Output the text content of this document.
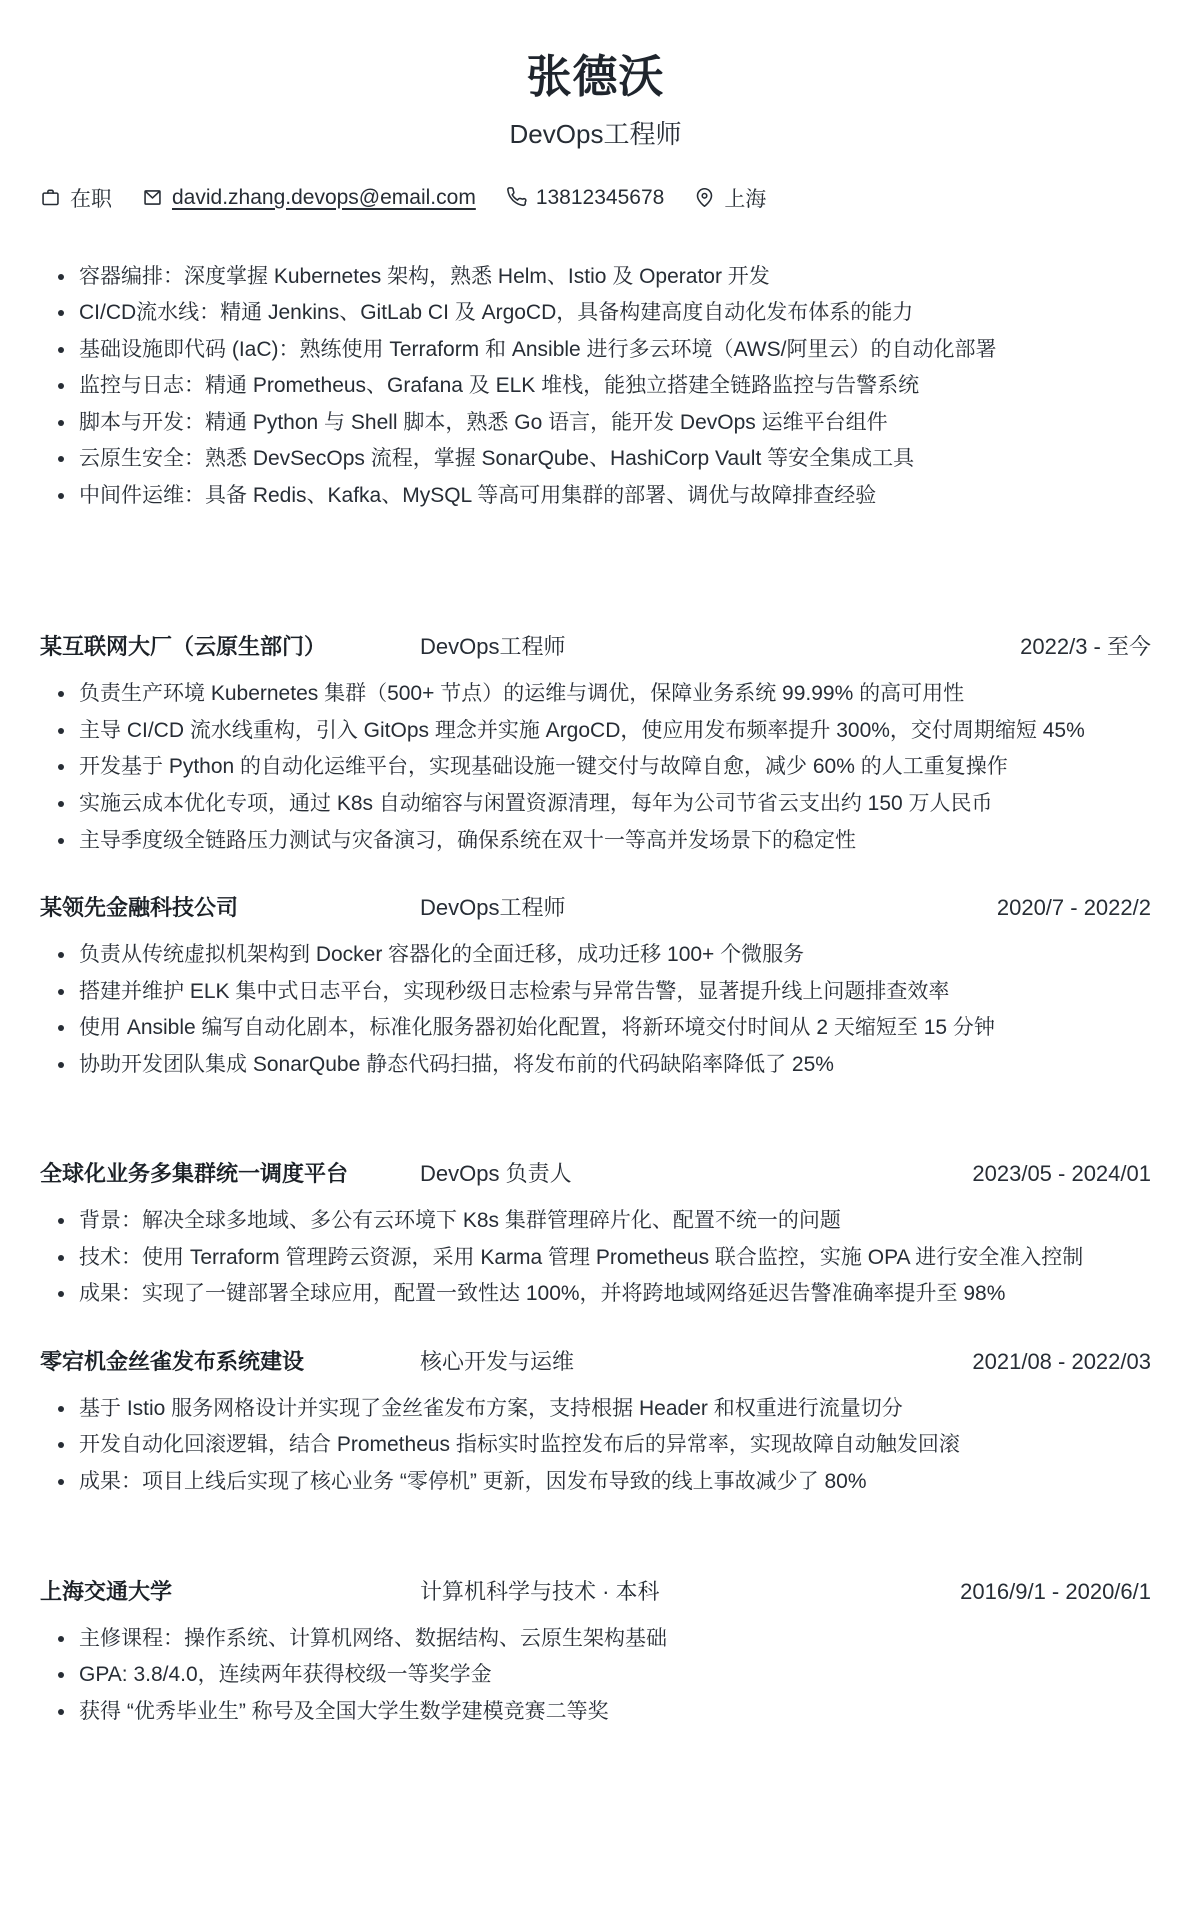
张德沃
DevOps工程师
在职	david.zhang.devops@email.com	13812345678	上海
• 容器编排：深度掌握 Kubernetes 架构，熟悉 Helm、Istio 及 Operator 开发
• CI/CD流水线：精通 Jenkins、GitLab CI 及 ArgoCD，具备构建高度自动化发布体系的能力
• 基础设施即代码 (IaC)：熟练使用 Terraform 和 Ansible 进行多云环境（AWS/阿里云）的自动化部署
• 监控与日志：精通 Prometheus、Grafana 及 ELK 堆栈，能独立搭建全链路监控与告警系统
• 脚本与开发：精通 Python 与 Shell 脚本，熟悉 Go 语言，能开发 DevOps 运维平台组件
• 云原生安全：熟悉 DevSecOps 流程，掌握 SonarQube、HashiCorp Vault 等安全集成工具
• 中间件运维：具备 Redis、Kafka、MySQL 等高可用集群的部署、调优与故障排查经验
某互联网大厂（云原生部门）	DevOps工程师	2022/3 - 至今
• 负责生产环境 Kubernetes 集群（500+ 节点）的运维与调优，保障业务系统 99.99% 的高可用性
• 主导 CI/CD 流水线重构，引入 GitOps 理念并实施 ArgoCD，使应用发布频率提升 300%，交付周期缩短 45%
• 开发基于 Python 的自动化运维平台，实现基础设施一键交付与故障自愈，减少 60% 的人工重复操作
• 实施云成本优化专项，通过 K8s 自动缩容与闲置资源清理，每年为公司节省云支出约 150 万人民币
• 主导季度级全链路压力测试与灾备演习，确保系统在双十一等高并发场景下的稳定性
某领先金融科技公司	DevOps工程师	2020/7 - 2022/2
• 负责从传统虚拟机架构到 Docker 容器化的全面迁移，成功迁移 100+ 个微服务
• 搭建并维护 ELK 集中式日志平台，实现秒级日志检索与异常告警，显著提升线上问题排查效率
• 使用 Ansible 编写自动化剧本，标准化服务器初始化配置，将新环境交付时间从 2 天缩短至 15 分钟
• 协助开发团队集成 SonarQube 静态代码扫描，将发布前的代码缺陷率降低了 25%
全球化业务多集群统一调度平台	DevOps 负责人	2023/05 - 2024/01
• 背景：解决全球多地域、多公有云环境下 K8s 集群管理碎片化、配置不统一的问题
• 技术：使用 Terraform 管理跨云资源，采用 Karma 管理 Prometheus 联合监控，实施 OPA 进行安全准入控制
• 成果：实现了一键部署全球应用，配置一致性达 100%，并将跨地域网络延迟告警准确率提升至 98%
零宕机金丝雀发布系统建设	核心开发与运维	2021/08 - 2022/03
• 基于 Istio 服务网格设计并实现了金丝雀发布方案，支持根据 Header 和权重进行流量切分
• 开发自动化回滚逻辑，结合 Prometheus 指标实时监控发布后的异常率，实现故障自动触发回滚
• 成果：项目上线后实现了核心业务 “零停机” 更新，因发布导致的线上事故减少了 80%
上海交通大学	计算机科学与技术 · 本科	2016/9/1 - 2020/6/1
• 主修课程：操作系统、计算机网络、数据结构、云原生架构基础
• GPA: 3.8/4.0，连续两年获得校级一等奖学金
• 获得 “优秀毕业生” 称号及全国大学生数学建模竞赛二等奖
